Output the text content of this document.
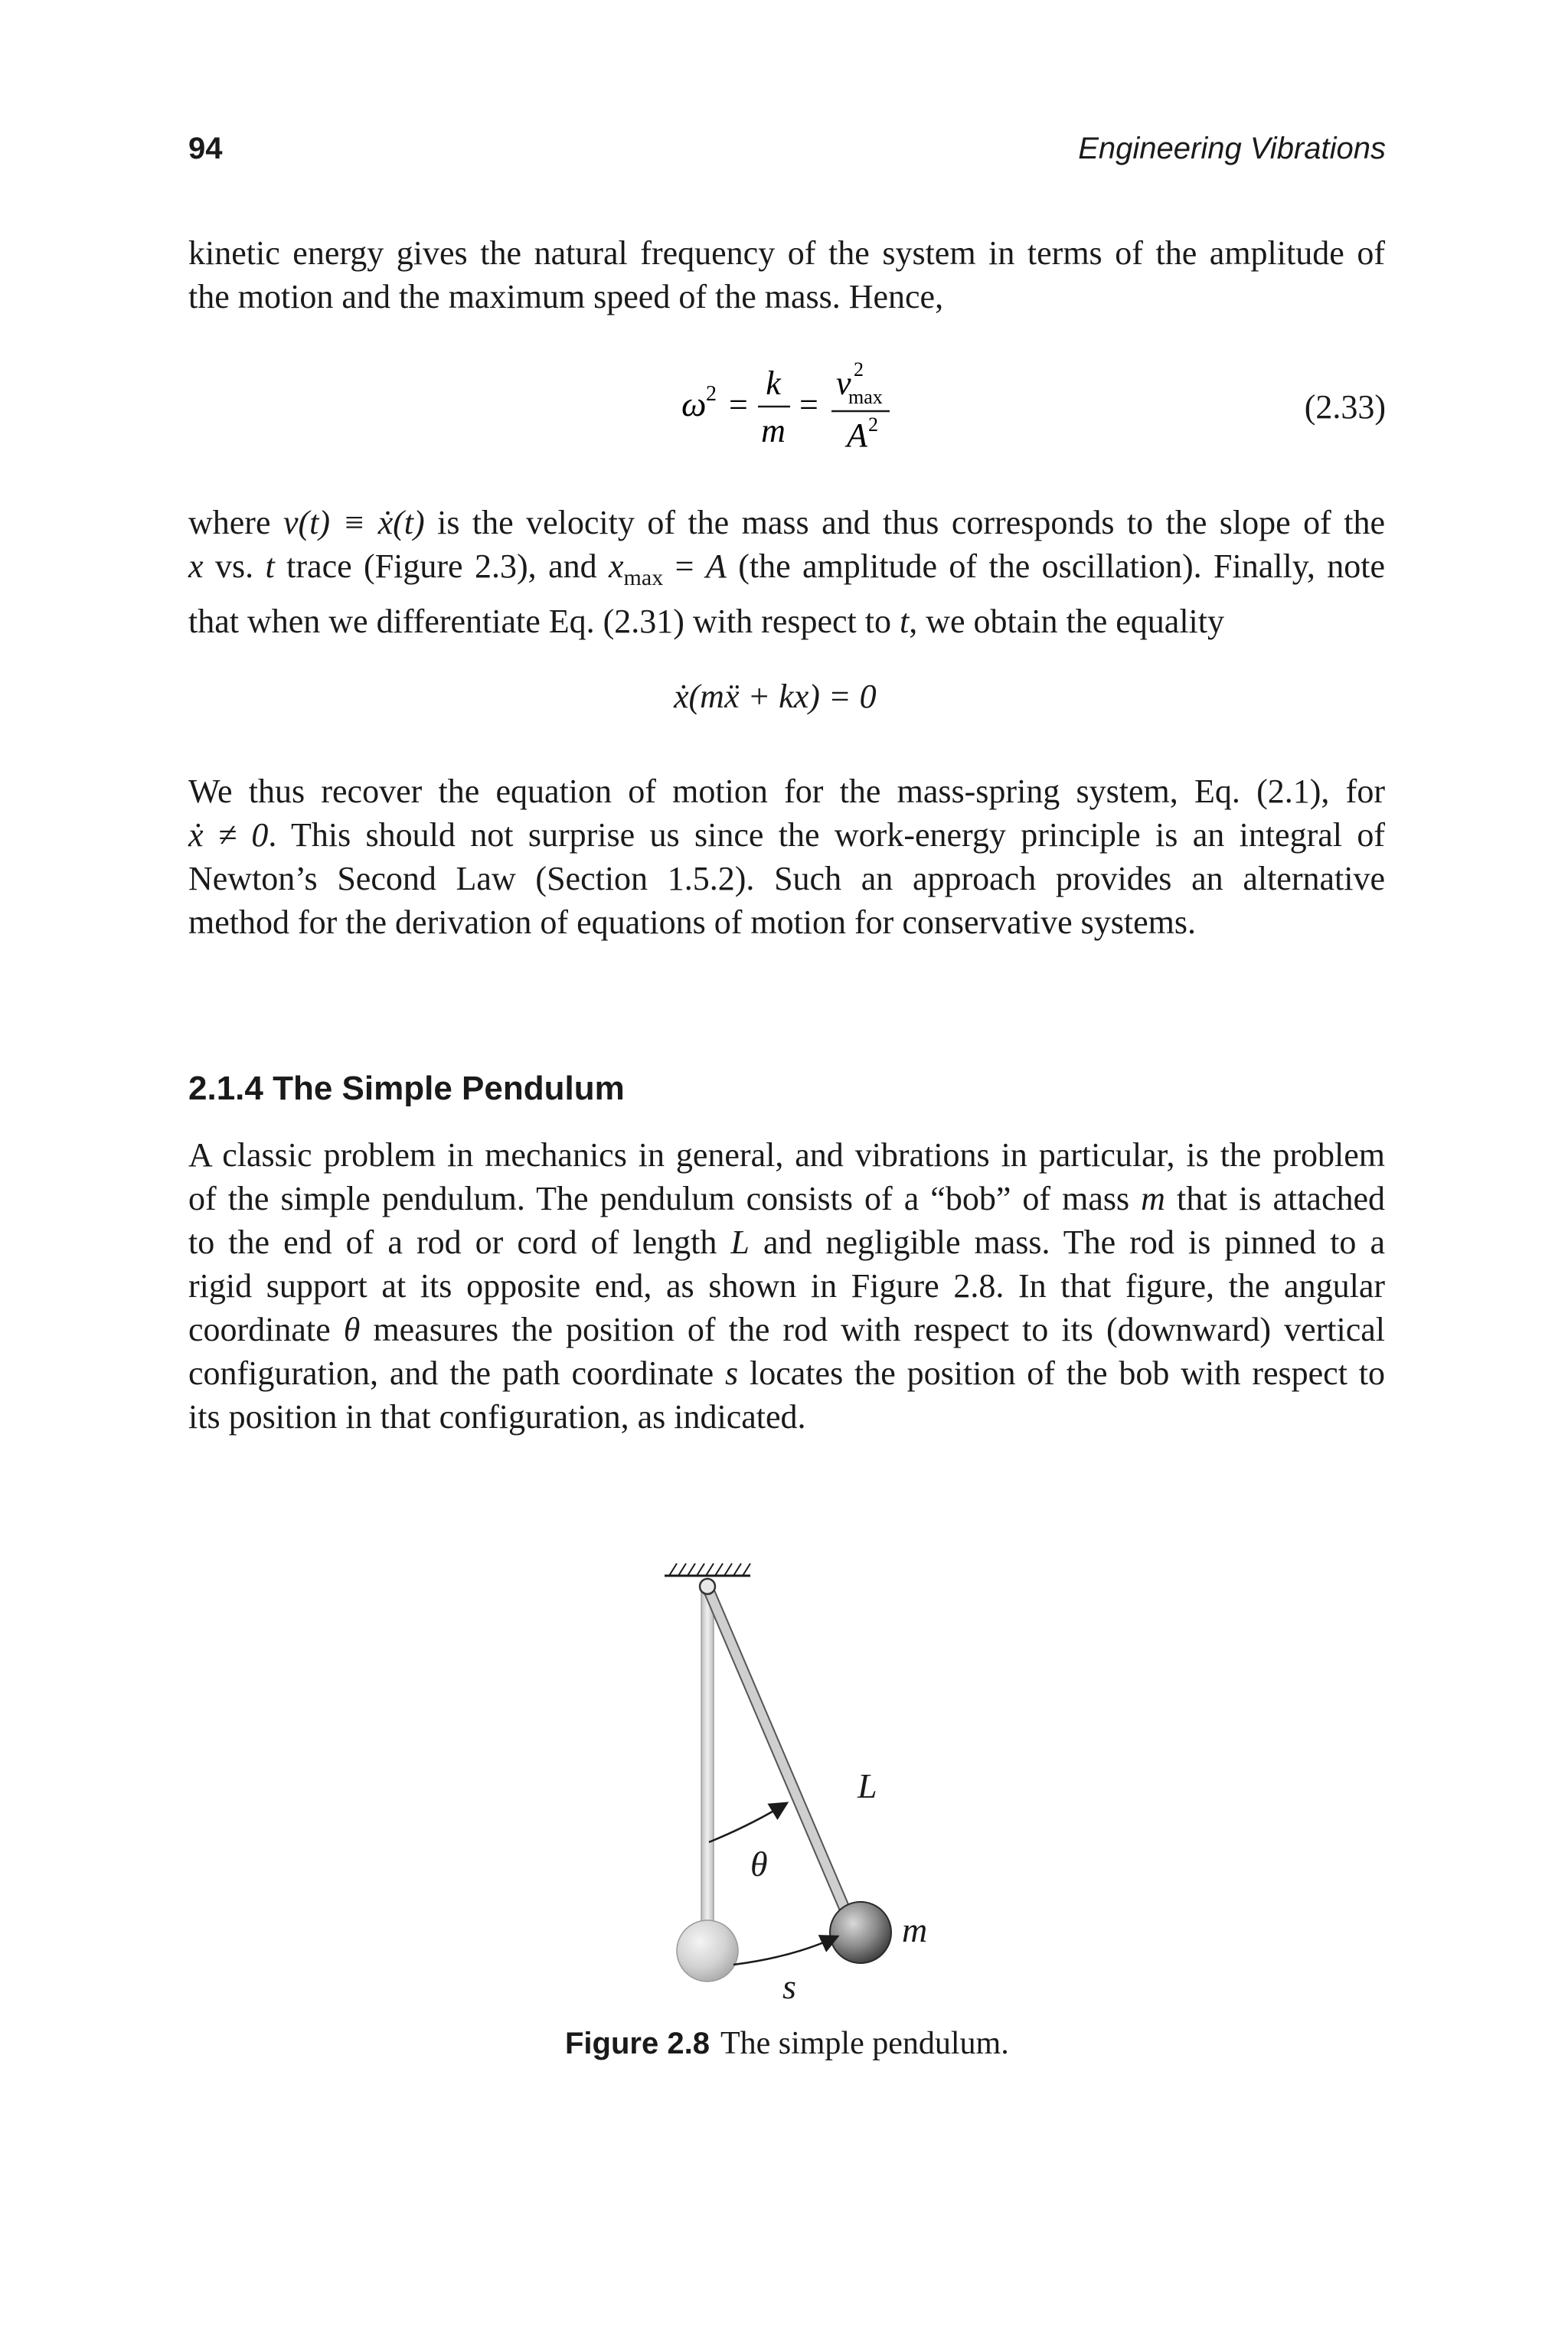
94	Engineering Vibrations
kinetic energy gives the natural frequency of the system in terms of the amplitude of
the motion and the maximum speed of the mass. Hence,
ω 2 =
k
m
=
v 2
max
A 2	(2.33)
where v(t) ≡ ẋ(t) is the velocity of the mass and thus corresponds to the slope of the
x vs. t trace (Figure 2.3), and $x_{max} = A$ (the amplitude of the oscillation). Finally, note
that when we differentiate Eq. (2.31) with respect to t, we obtain the equality
ẋ(mẍ + kx) = 0
We thus recover the equation of motion for the mass-spring system, Eq. (2.1), for
ẋ ≠ 0. This should not surprise us since the work-energy principle is an integral of
Newton’s Second Law (Section 1.5.2). Such an approach provides an alternative
method for the derivation of equations of motion for conservative systems.
2.1.4 The Simple Pendulum
A classic problem in mechanics in general, and vibrations in particular, is the problem
of the simple pendulum. The pendulum consists of a “bob” of mass m that is attached
to the end of a rod or cord of length L and negligible mass. The rod is pinned to a
rigid support at its opposite end, as shown in Figure 2.8. In that figure, the angular
coordinate θ measures the position of the rod with respect to its (downward) vertical
configuration, and the path coordinate s locates the position of the bob with respect to
its position in that configuration, as indicated.
L
θ
m
s
Figure 2.8 The simple pendulum.
